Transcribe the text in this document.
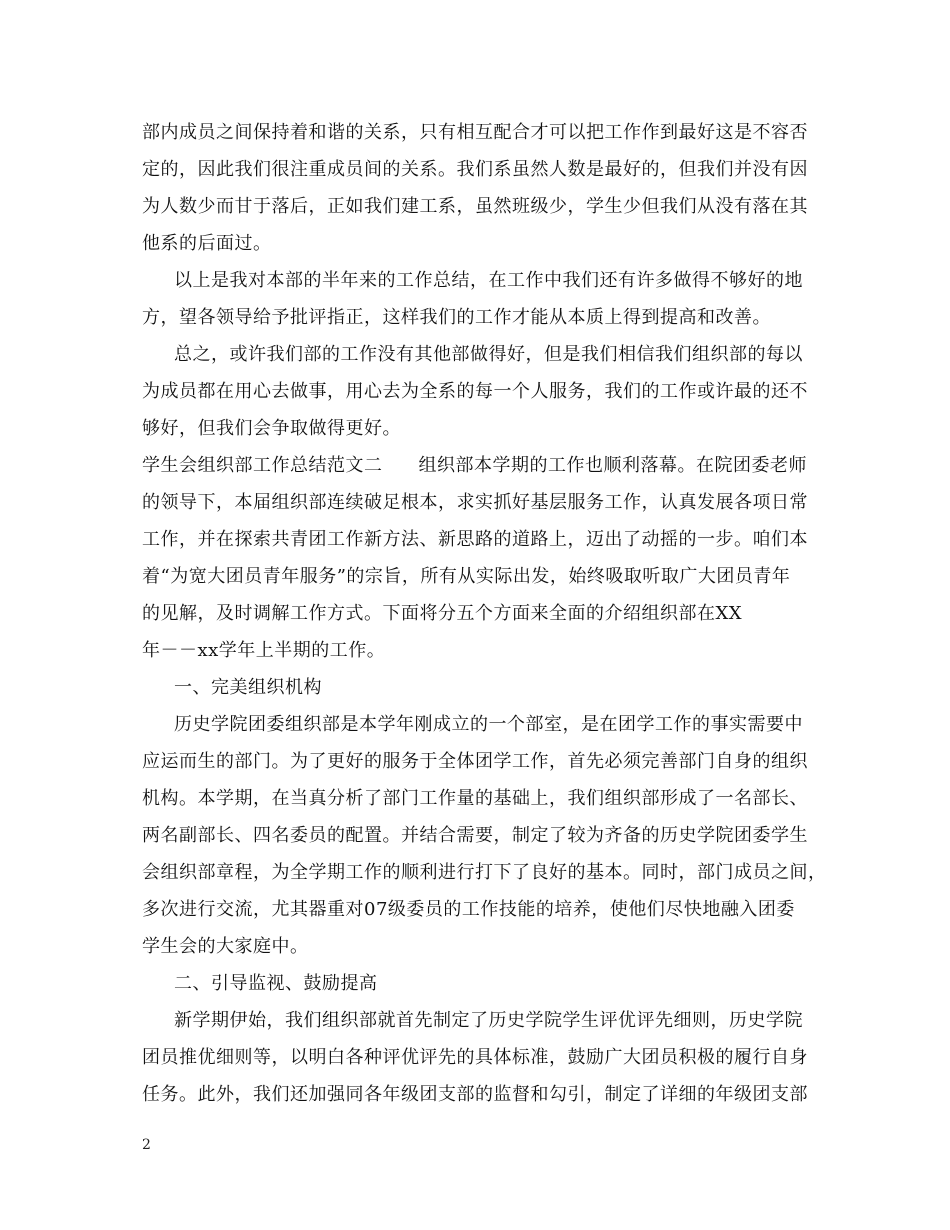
部内成员之间保持着和谐的关系，只有相互配合才可以把工作作到最好这是不容否
定的，因此我们很注重成员间的关系。我们系虽然人数是最好的，但我们并没有因
为人数少而甘于落后，正如我们建工系，虽然班级少，学生少但我们从没有落在其
他系的后面过。
以上是我对本部的半年来的工作总结，在工作中我们还有许多做得不够好的地
方，望各领导给予批评指正，这样我们的工作才能从本质上得到提高和改善。
总之，或许我们部的工作没有其他部做得好，但是我们相信我们组织部的每以
为成员都在用心去做事，用心去为全系的每一个人服务，我们的工作或许最的还不
够好，但我们会争取做得更好。
学生会组织部工作总结范文二 组织部本学期的工作也顺利落幕。在院团委老师
的领导下，本届组织部连续破足根本，求实抓好基层服务工作，认真发展各项日常
工作，并在探索共青团工作新方法、新思路的道路上，迈出了动摇的一步。咱们本
着“为宽大团员青年服务”的宗旨，所有从实际出发，始终吸取听取广大团员青年
的见解，及时调解工作方式。下面将分五个方面来全面的介绍组织部在XX
年－－xx学年上半期的工作。
一、完美组织机构
历史学院团委组织部是本学年刚成立的一个部室，是在团学工作的事实需要中
应运而生的部门。为了更好的服务于全体团学工作，首先必须完善部门自身的组织
机构。本学期，在当真分析了部门工作量的基础上，我们组织部形成了一名部长、
两名副部长、四名委员的配置。并结合需要，制定了较为齐备的历史学院团委学生
会组织部章程，为全学期工作的顺利进行打下了良好的基本。同时，部门成员之间，
多次进行交流，尤其器重对07级委员的工作技能的培养，使他们尽快地融入团委
学生会的大家庭中。
二、引导监视、鼓励提高
新学期伊始，我们组织部就首先制定了历史学院学生评优评先细则，历史学院
团员推优细则等，以明白各种评优评先的具体标准，鼓励广大团员积极的履行自身
任务。此外，我们还加强同各年级团支部的监督和勾引，制定了详细的年级团支部
2
